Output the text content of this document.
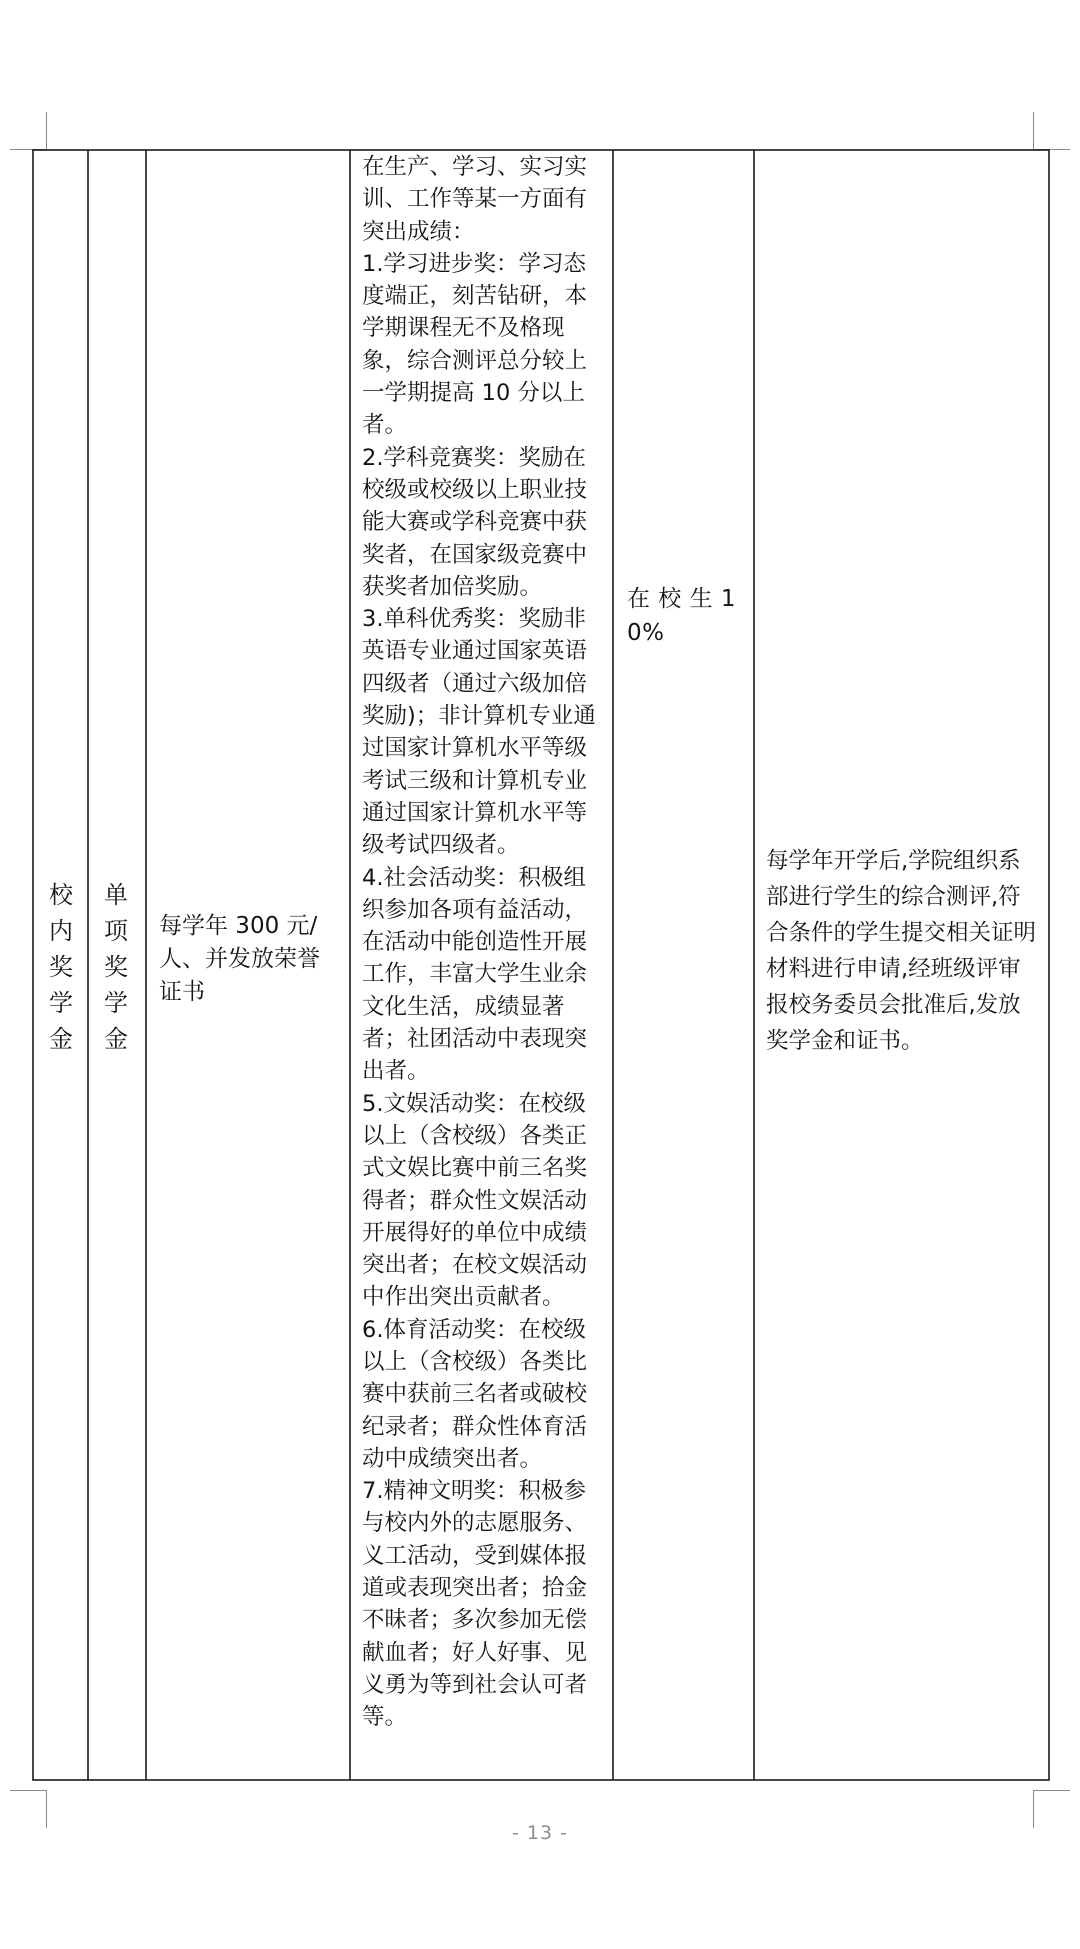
校内奖学金
单项奖学金
每学年 300 元/人、并发放荣誉证书
在生产、学习、实习实训、工作等某一方面有突出成绩：
1.学习进步奖：学习态度端正，刻苦钻研，本学期课程无不及格现象，综合测评总分较上一学期提高 10 分以上者。
2.学科竞赛奖：奖励在校级或校级以上职业技能大赛或学科竞赛中获奖者，在国家级竞赛中获奖者加倍奖励。
3.单科优秀奖：奖励非英语专业通过国家英语四级者（通过六级加倍奖励)；非计算机专业通过国家计算机水平等级考试三级和计算机专业通过国家计算机水平等级考试四级者。
4.社会活动奖：积极组织参加各项有益活动，在活动中能创造性开展工作，丰富大学生业余文化生活，成绩显著者；社团活动中表现突出者。
5.文娱活动奖：在校级以上（含校级）各类正式文娱比赛中前三名奖得者；群众性文娱活动开展得好的单位中成绩突出者；在校文娱活动中作出突出贡献者。
6.体育活动奖：在校级以上（含校级）各类比赛中获前三名者或破校纪录者；群众性体育活动中成绩突出者。
7.精神文明奖：积极参与校内外的志愿服务、义工活动，受到媒体报道或表现突出者；拾金不昧者；多次参加无偿献血者；好人好事、见义勇为等到社会认可者等。
在 校 生 10%
每学年开学后,学院组织系部进行学生的综合测评,符合条件的学生提交相关证明材料进行申请,经班级评审报校务委员会批准后,发放奖学金和证书。
- 13 -
